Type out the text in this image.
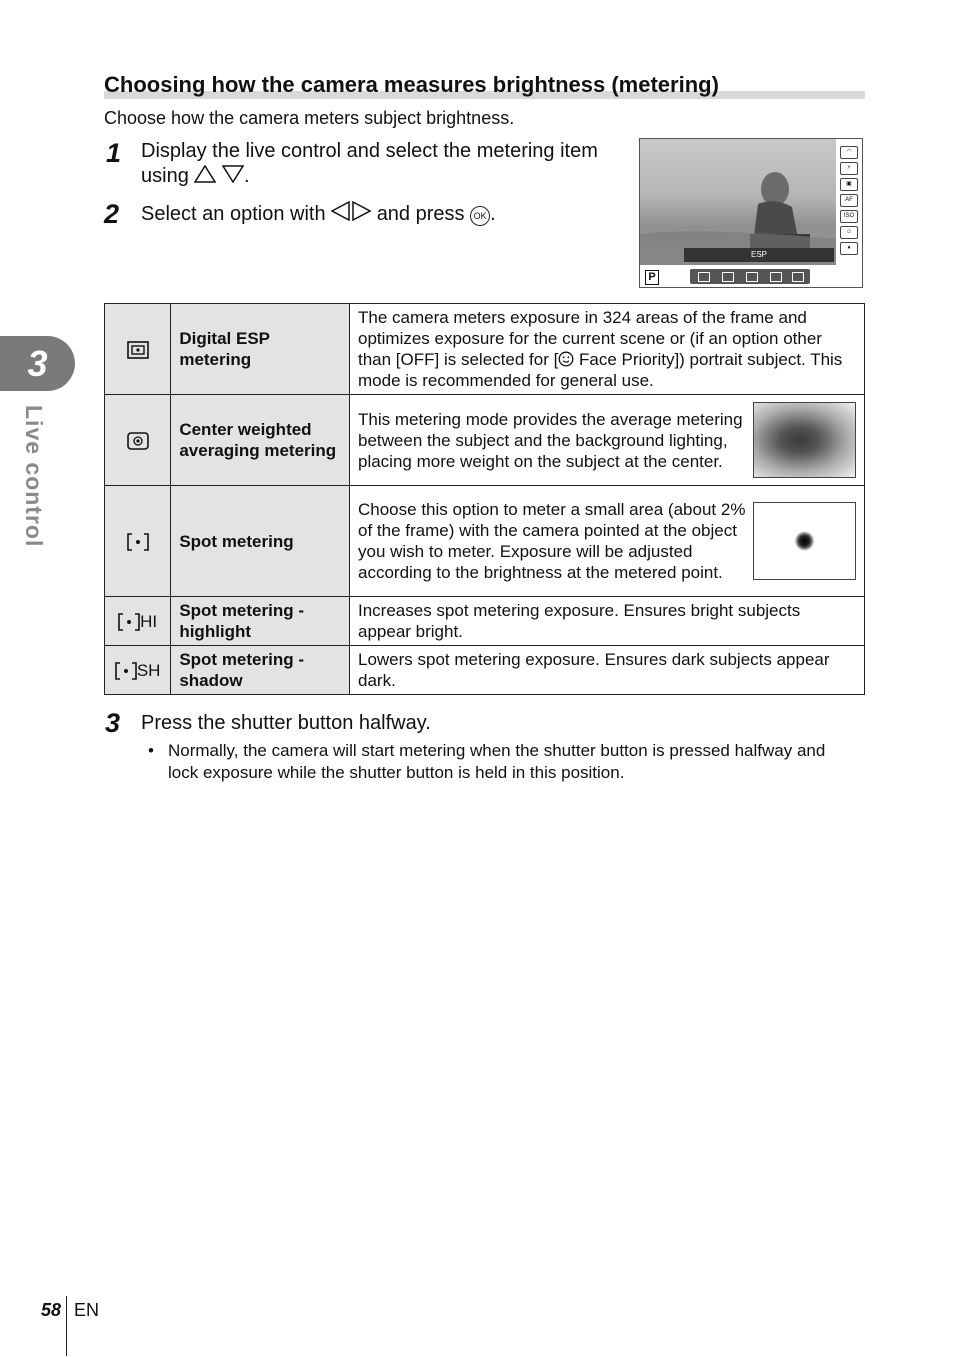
Choosing how the camera measures brightness (metering)
Choose how the camera meters subject brightness.
1 Display the live control and select the metering item
using	.
2 Select an option with	and press OK .
ESP
◠
⚡
▣
AF
ISO
☺
♦
P
	Digital ESP metering	The camera meters exposure in 324 areas of the frame and optimizes exposure for the current scene or (if an option other than [OFF] is selected for [ Face Priority]) portrait subject. This mode is recommended for general use.
	Center weighted averaging metering	This metering mode provides the average metering between the subject and the background lighting, placing more weight on the subject at the center.

	Spot metering	Choose this option to meter a small area (about 2% of the frame) with the camera pointed at the object you wish to meter. Exposure will be adjusted according to the brightness at the metered point.

HI	Spot metering - highlight	Increases spot metering exposure. Ensures bright subjects appear bright.
SH	Spot metering - shadow	Lowers spot metering exposure. Ensures dark subjects appear dark.
3 Press the shutter button halfway.
• Normally, the camera will start metering when the shutter button is pressed halfway and lock exposure while the shutter button is held in this position.
3
Live control
58 EN
